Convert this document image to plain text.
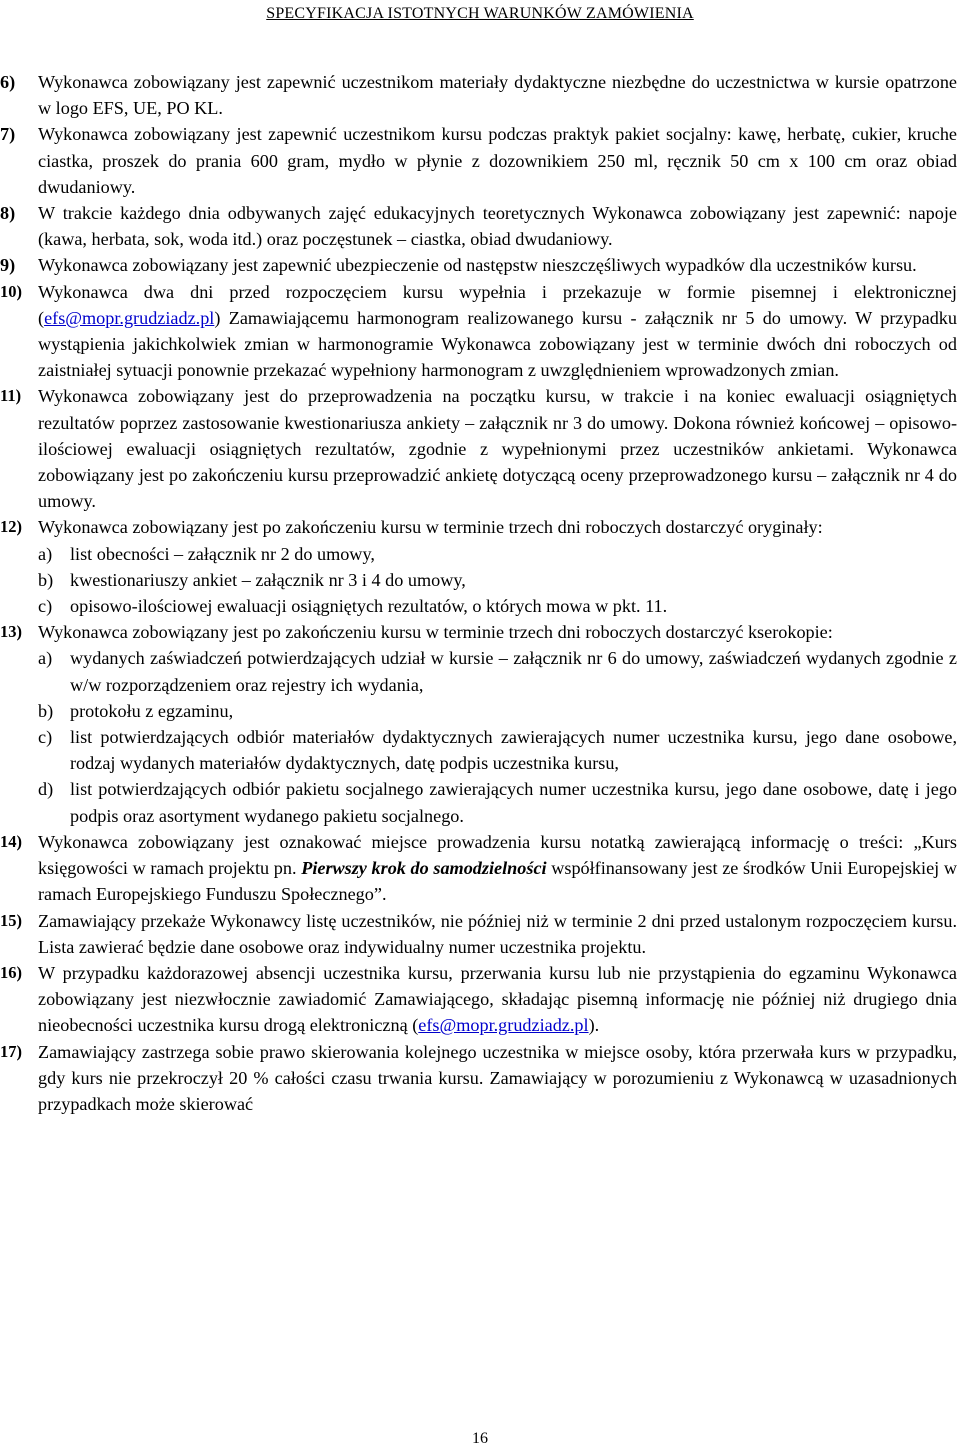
SPECYFIKACJA ISTOTNYCH WARUNKÓW ZAMÓWIENIA
6) Wykonawca zobowiązany jest zapewnić uczestnikom materiały dydaktyczne niezbędne do uczestnictwa w kursie opatrzone w logo EFS, UE, PO KL.
7) Wykonawca zobowiązany jest zapewnić uczestnikom kursu podczas praktyk pakiet socjalny: kawę, herbatę, cukier, kruche ciastka, proszek do prania 600 gram, mydło w płynie z dozownikiem 250 ml, ręcznik 50 cm x 100 cm oraz obiad dwudaniowy.
8) W trakcie każdego dnia odbywanych zajęć edukacyjnych teoretycznych Wykonawca zobowiązany jest zapewnić: napoje (kawa, herbata, sok, woda itd.) oraz poczęstunek – ciastka, obiad dwudaniowy.
9) Wykonawca zobowiązany jest zapewnić ubezpieczenie od następstw nieszczęśliwych wypadków dla uczestników kursu.
10) Wykonawca dwa dni przed rozpoczęciem kursu wypełnia i przekazuje w formie pisemnej i elektronicznej (efs@mopr.grudziadz.pl) Zamawiającemu harmonogram realizowanego kursu - załącznik nr 5 do umowy. W przypadku wystąpienia jakichkolwiek zmian w harmonogramie Wykonawca zobowiązany jest w terminie dwóch dni roboczych od zaistniałej sytuacji ponownie przekazać wypełniony harmonogram z uwzględnieniem wprowadzonych zmian.
11) Wykonawca zobowiązany jest do przeprowadzenia na początku kursu, w trakcie i na koniec ewaluacji osiągniętych rezultatów poprzez zastosowanie kwestionariusza ankiety – załącznik nr 3 do umowy. Dokona również końcowej – opisowo-ilościowej ewaluacji osiągniętych rezultatów, zgodnie z wypełnionymi przez uczestników ankietami. Wykonawca zobowiązany jest po zakończeniu kursu przeprowadzić ankietę dotyczącą oceny przeprowadzonego kursu – załącznik nr 4 do umowy.
12) Wykonawca zobowiązany jest po zakończeniu kursu w terminie trzech dni roboczych dostarczyć oryginały:
a) list obecności – załącznik nr 2 do umowy,
b) kwestionariuszy ankiet – załącznik nr 3 i 4 do umowy,
c) opisowo-ilościowej ewaluacji osiągniętych rezultatów, o których mowa w pkt. 11.
13) Wykonawca zobowiązany jest po zakończeniu kursu w terminie trzech dni roboczych dostarczyć kserokopie:
a) wydanych zaświadczeń potwierdzających udział w kursie – załącznik nr 6 do umowy, zaświadczeń wydanych zgodnie z w/w rozporządzeniem oraz rejestry ich wydania,
b) protokołu z egzaminu,
c) list potwierdzających odbiór materiałów dydaktycznych zawierających numer uczestnika kursu, jego dane osobowe, rodzaj wydanych materiałów dydaktycznych, datę podpis uczestnika kursu,
d) list potwierdzających odbiór pakietu socjalnego zawierających numer uczestnika kursu, jego dane osobowe, datę i jego podpis oraz asortyment wydanego pakietu socjalnego.
14) Wykonawca zobowiązany jest oznakować miejsce prowadzenia kursu notatką zawierającą informację o treści: „Kurs księgowości w ramach projektu pn. Pierwszy krok do samodzielności współfinansowany jest ze środków Unii Europejskiej w ramach Europejskiego Funduszu Społecznego”.
15) Zamawiający przekaże Wykonawcy listę uczestników, nie później niż w terminie 2 dni przed ustalonym rozpoczęciem kursu. Lista zawierać będzie dane osobowe oraz indywidualny numer uczestnika projektu.
16) W przypadku każdorazowej absencji uczestnika kursu, przerwania kursu lub nie przystąpienia do egzaminu Wykonawca zobowiązany jest niezwłocznie zawiadomić Zamawiającego, składając pisemną informację nie później niż drugiego dnia nieobecności uczestnika kursu drogą elektroniczną (efs@mopr.grudziadz.pl).
17) Zamawiający zastrzega sobie prawo skierowania kolejnego uczestnika w miejsce osoby, która przerwała kurs w przypadku, gdy kurs nie przekroczył 20 % całości czasu trwania kursu. Zamawiający w porozumieniu z Wykonawcą w uzasadnionych przypadkach może skierować
16
